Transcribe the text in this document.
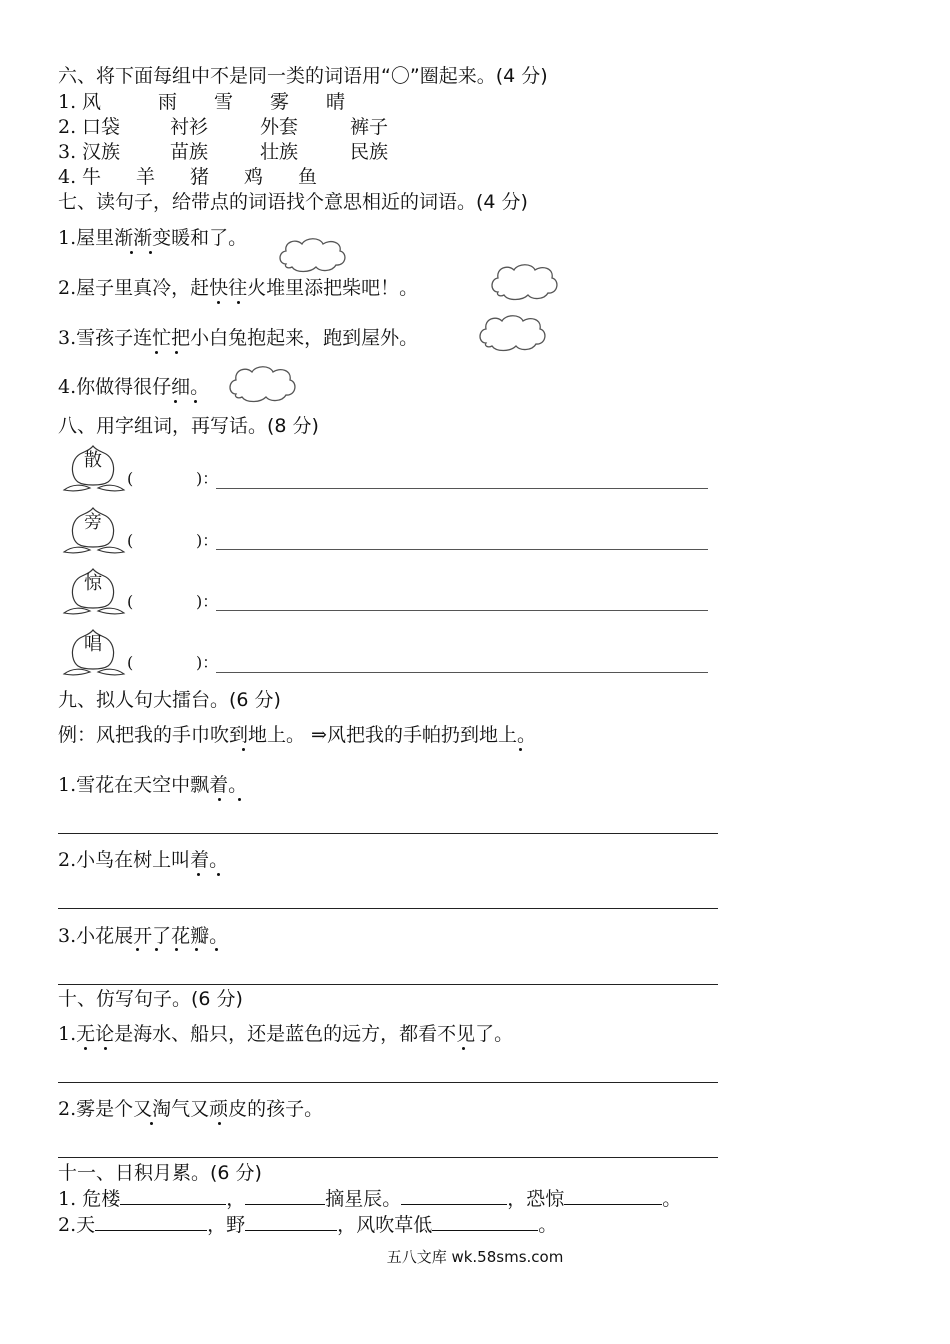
六、将下面每组中不是同一类的词语用“〇”圈起来。(4 分)
1. 风	雨 雪 雾 晴
2. 口袋	衬衫	外套	裤子
3. 汉族	苗族	壮族	民族
4. 牛 羊 猪 鸡 鱼
七、读句子，给带点的词语找个意思相近的词语。(4 分)
1.屋里渐渐变暖和了。
2.屋子里真冷，赶快往火堆里添把柴吧！。
3.雪孩子连忙把小白兔抱起来，跑到屋外。
4.你做得很仔细。
八、用字组词，再写话。(8 分)
散
(	)：
旁
(	)：
惊
(	)：
唱
(	)：
九、拟人句大擂台。(6 分)
例：风把我的手巾吹到地上。 ⇒风把我的手帕扔到地上。
1.雪花在天空中飘着。
2.小鸟在树上叫着。
3.小花展开了花瓣。
十、仿写句子。(6 分)
1.无论是海水、船只，还是蓝色的远方，都看不见了。
2.雾是个又淘气又顽皮的孩子。
十一、日积月累。(6 分)
1. 危楼	，	摘星辰。	，恐惊	。
2.天	，野	，风吹草低	。
五八文库 wk.58sms.com
